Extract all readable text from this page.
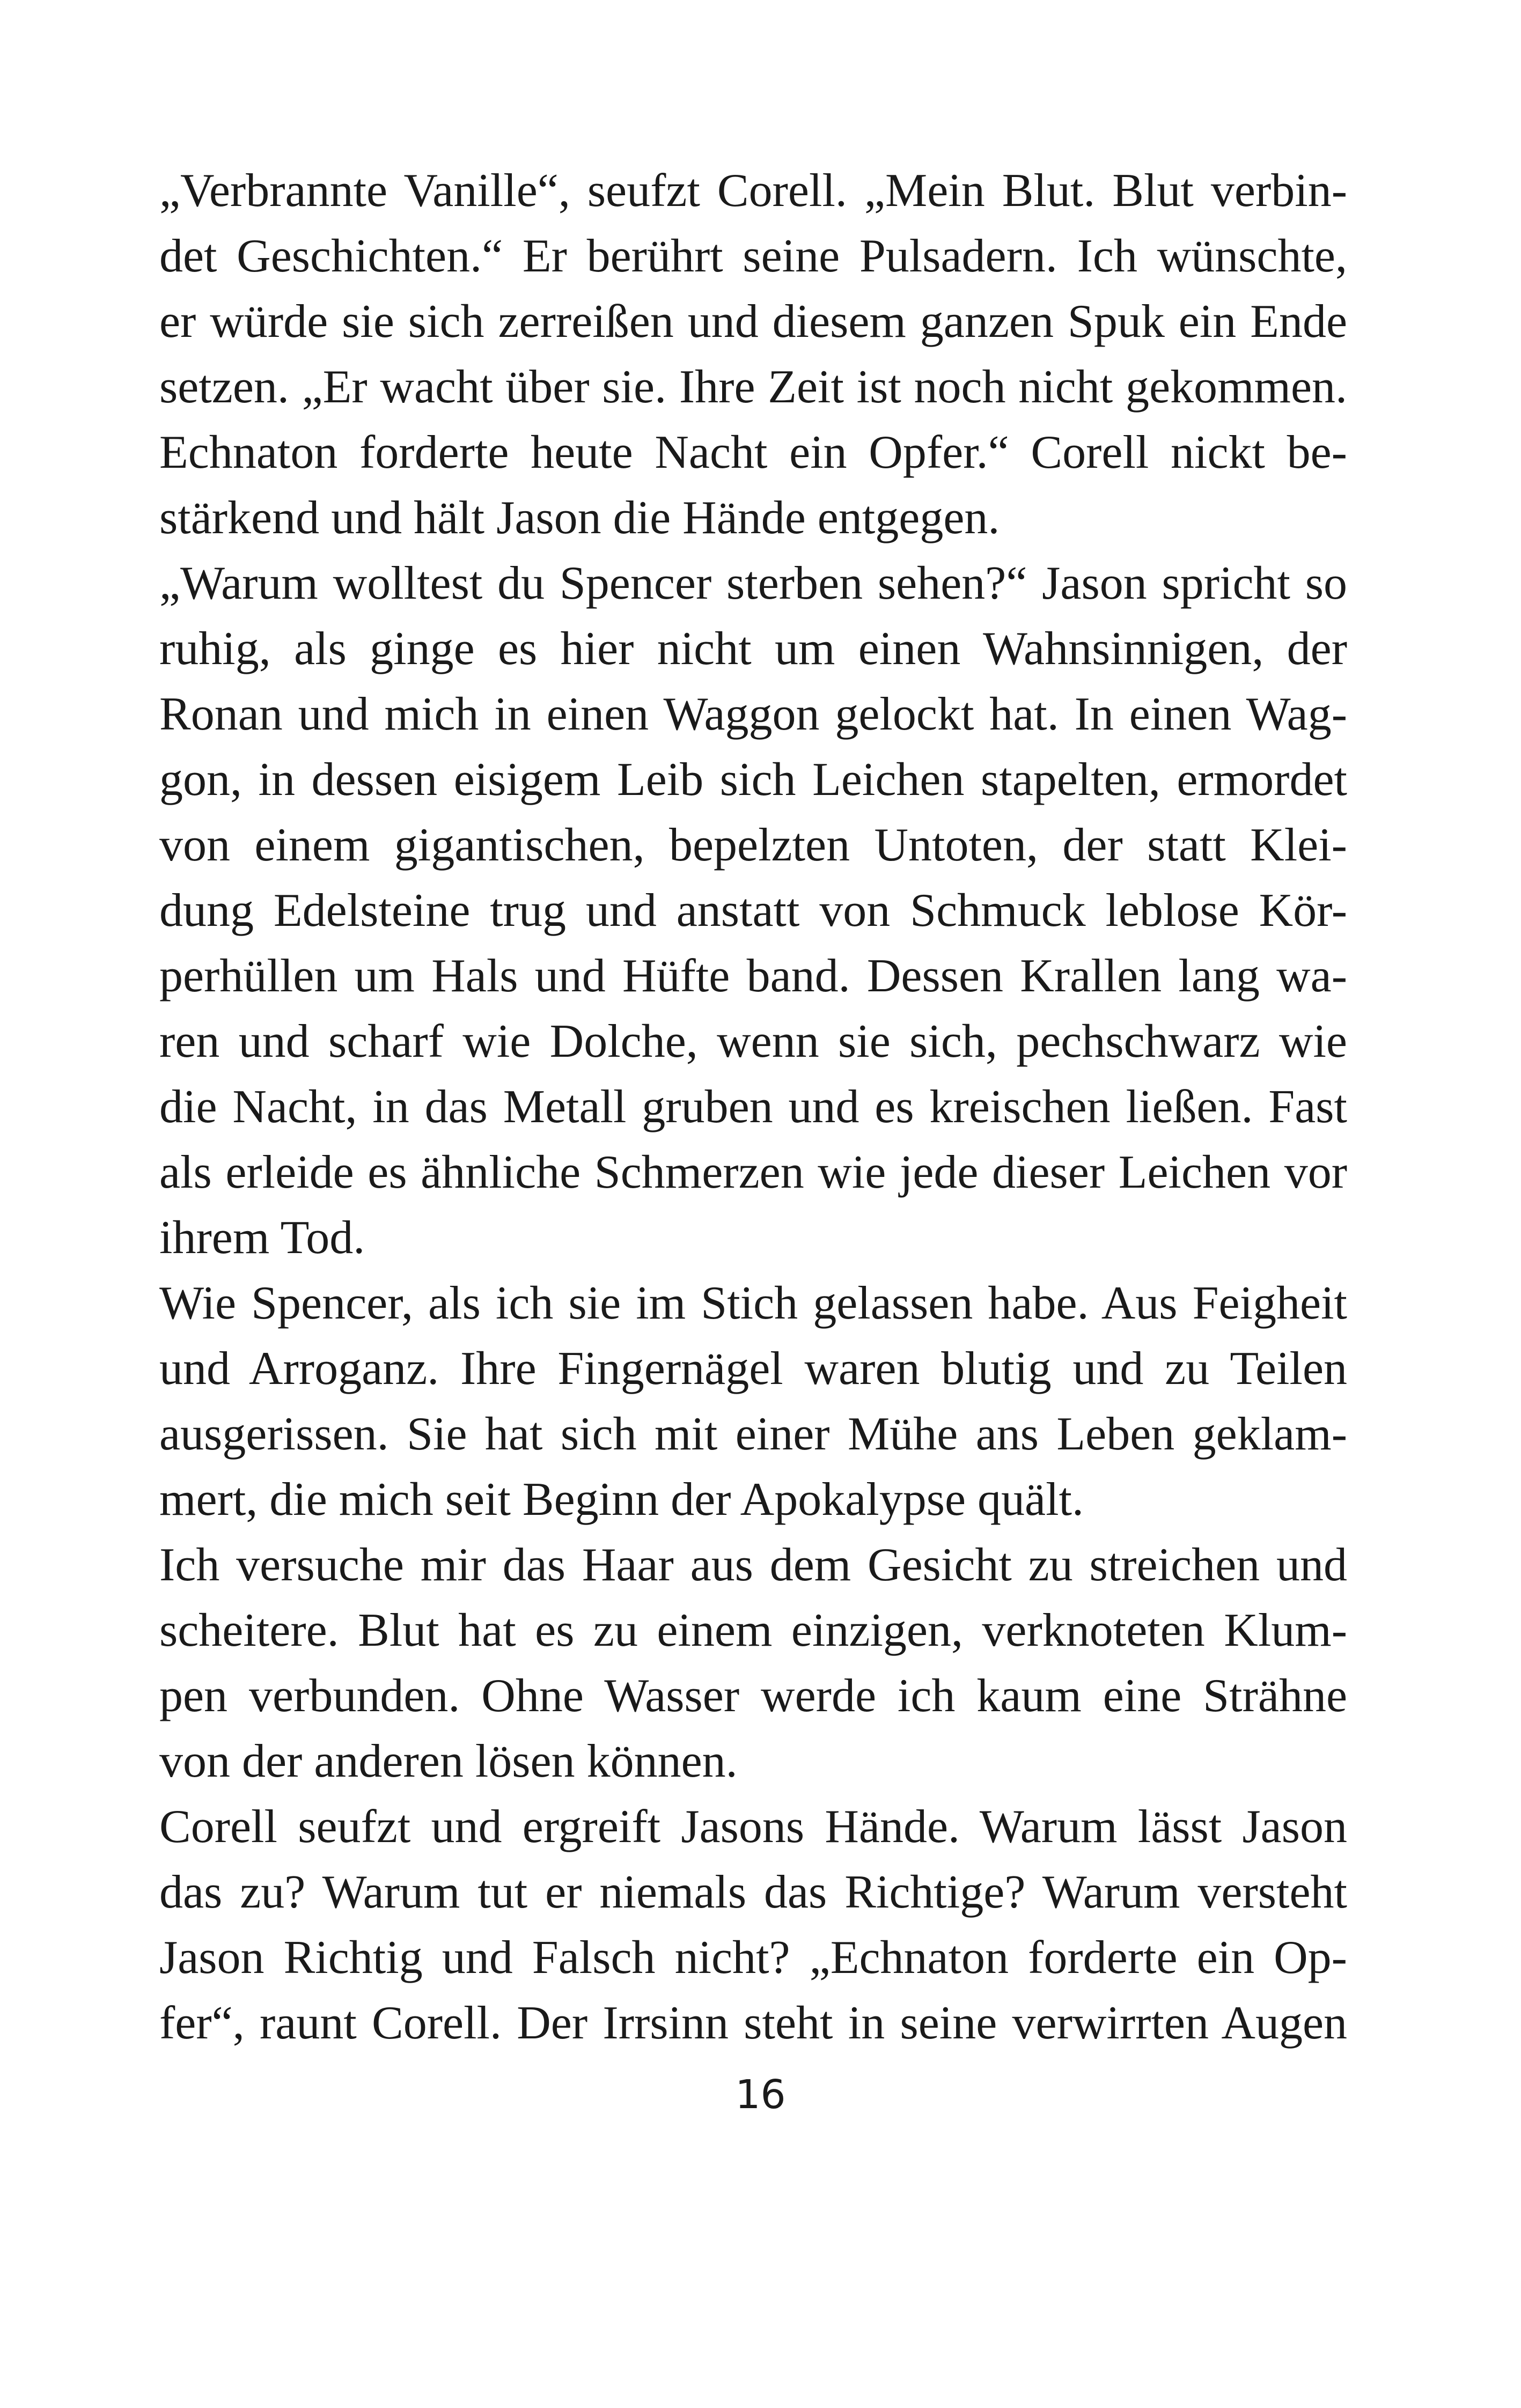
„Verbrannte Vanille“, seufzt Corell. „Mein Blut. Blut verbin-
det Geschichten.“ Er berührt seine Pulsadern. Ich wünschte,
er würde sie sich zerreißen und diesem ganzen Spuk ein Ende
setzen. „Er wacht über sie. Ihre Zeit ist noch nicht gekommen.
Echnaton forderte heute Nacht ein Opfer.“ Corell nickt be-
stärkend und hält Jason die Hände entgegen.
„Warum wolltest du Spencer sterben sehen?“ Jason spricht so
ruhig, als ginge es hier nicht um einen Wahnsinnigen, der
Ronan und mich in einen Waggon gelockt hat. In einen Wag-
gon, in dessen eisigem Leib sich Leichen stapelten, ermordet
von einem gigantischen, bepelzten Untoten, der statt Klei-
dung Edelsteine trug und anstatt von Schmuck leblose Kör-
perhüllen um Hals und Hüfte band. Dessen Krallen lang wa-
ren und scharf wie Dolche, wenn sie sich, pechschwarz wie
die Nacht, in das Metall gruben und es kreischen ließen. Fast
als erleide es ähnliche Schmerzen wie jede dieser Leichen vor
ihrem Tod.
Wie Spencer, als ich sie im Stich gelassen habe. Aus Feigheit
und Arroganz. Ihre Fingernägel waren blutig und zu Teilen
ausgerissen. Sie hat sich mit einer Mühe ans Leben geklam-
mert, die mich seit Beginn der Apokalypse quält.
Ich versuche mir das Haar aus dem Gesicht zu streichen und
scheitere. Blut hat es zu einem einzigen, verknoteten Klum-
pen verbunden. Ohne Wasser werde ich kaum eine Strähne
von der anderen lösen können.
Corell seufzt und ergreift Jasons Hände. Warum lässt Jason
das zu? Warum tut er niemals das Richtige? Warum versteht
Jason Richtig und Falsch nicht? „Echnaton forderte ein Op-
fer“, raunt Corell. Der Irrsinn steht in seine verwirrten Augen
16
